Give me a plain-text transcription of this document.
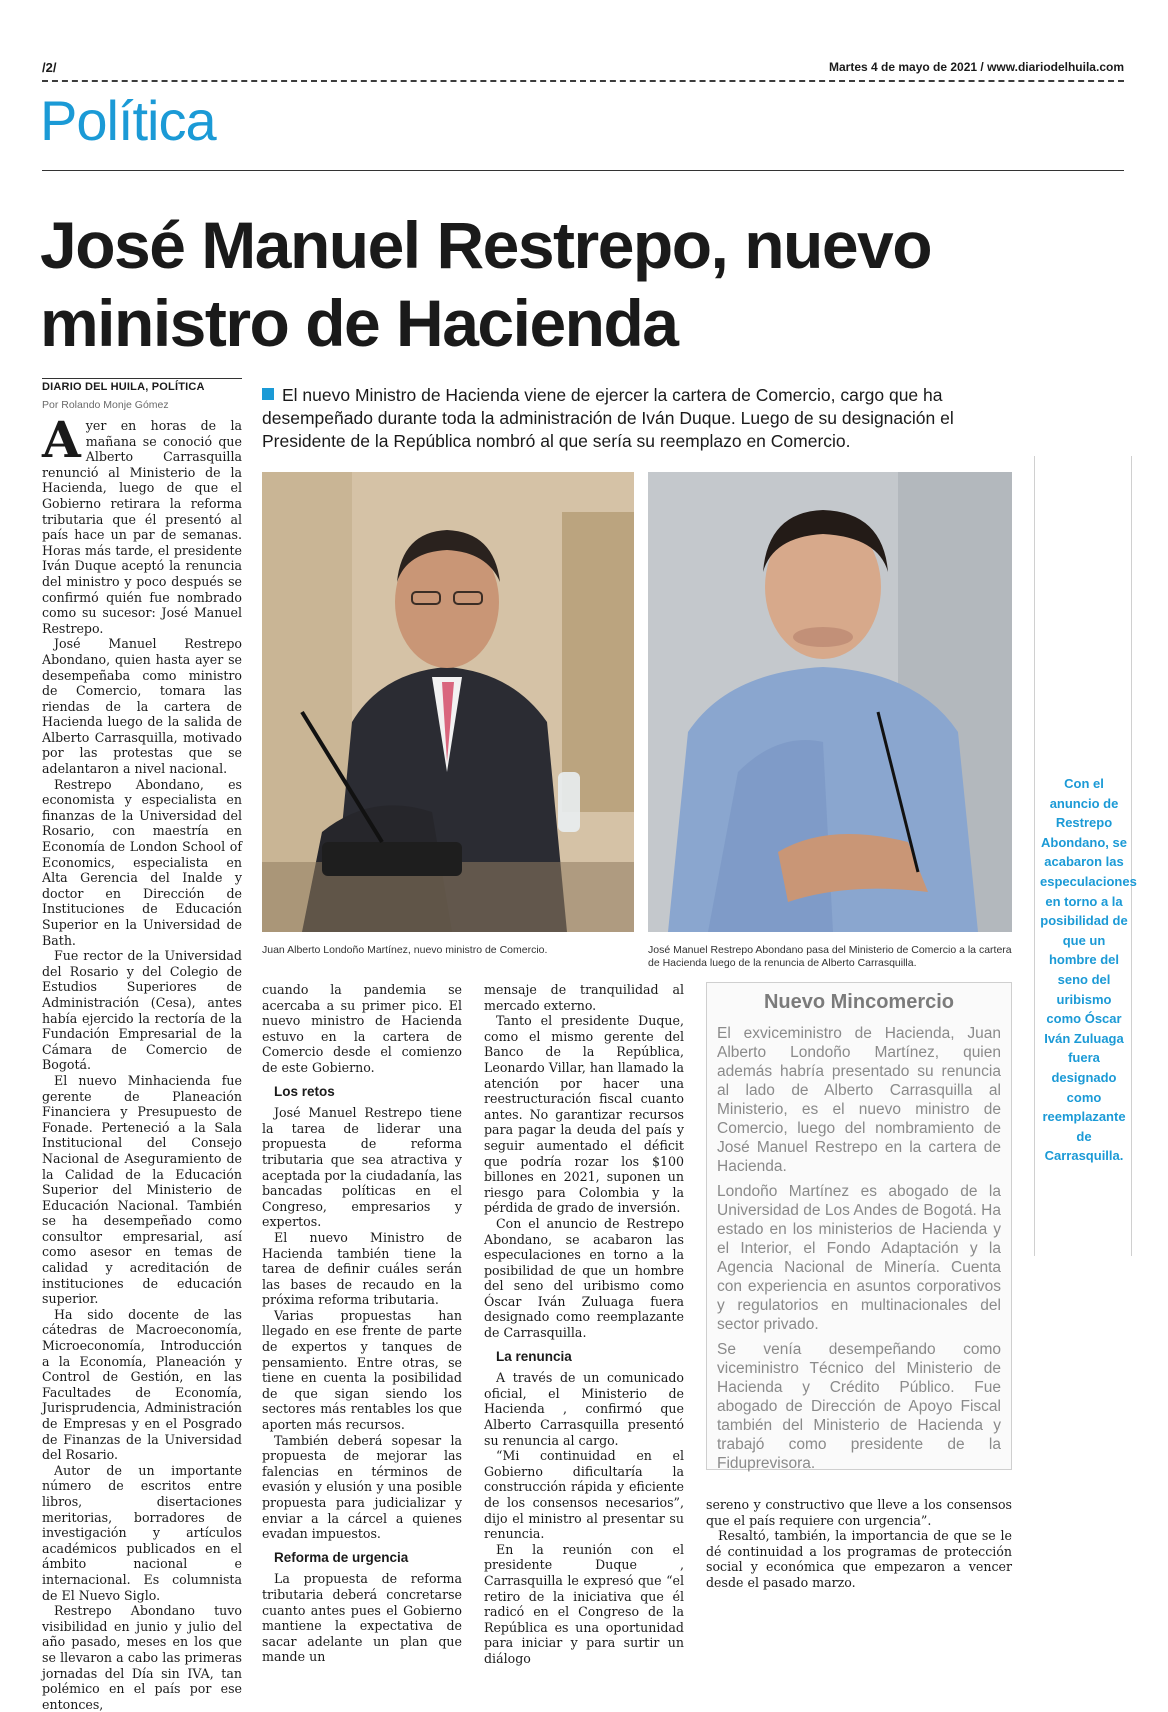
/2/	Martes 4 de mayo de 2021 / www.diariodelhuila.com
Política
José Manuel Restrepo, nuevo ministro de Hacienda
DIARIO DEL HUILA, POLÍTICA
Por Rolando Monje Gómez	El nuevo Ministro de Hacienda viene de ejercer la cartera de Comercio, cargo que ha desempeñado durante toda la administración de Iván Duque. Luego de su designación el Presidente de la República nombró al que sería su reemplazo en Comercio.

Ayer en horas de la mañana se conoció que Alberto Carrasquilla renunció al Ministerio de la Hacienda, luego de que el Gobierno retirara la reforma tributaria que él presentó al país hace un par de semanas. Horas más tarde, el presidente Iván Duque aceptó la renuncia del ministro y poco después se confirmó quién fue nombrado como su sucesor: José Manuel Restrepo.

José Manuel Restrepo Abondano, quien hasta ayer se desempeñaba como ministro de Comercio, tomara las riendas de la cartera de Hacienda luego de la salida de Alberto Carrasquilla, motivado por las protestas que se adelantaron a nivel nacional.

Restrepo Abondano, es economista y especialista en finanzas de la Universidad del Rosario, con maestría en Economía de London School of Economics, especialista en Alta Gerencia del Inalde y doctor en Dirección de Instituciones de Educación Superior en la Universidad de Bath.

Fue rector de la Universidad del Rosario y del Colegio de Estudios Superiores de Administración (Cesa), antes había ejercido la rectoría de la Fundación Empresarial de la Cámara de Comercio de Bogotá.

El nuevo Minhacienda fue gerente de Planeación Financiera y Presupuesto de Fonade. Perteneció a la Sala Institucional del Consejo Nacional de Aseguramiento de la Calidad de la Educación Superior del Ministerio de Educación Nacional. También se ha desempeñado como consultor empresarial, así como asesor en temas de calidad y acreditación de instituciones de educación superior.

Ha sido docente de las cátedras de Macroeconomía, Microeconomía, Introducción a la Economía, Planeación y Control de Gestión, en las Facultades de Economía, Jurisprudencia, Administración de Empresas y en el Posgrado de Finanzas de la Universidad del Rosario.

Autor de un importante número de escritos entre libros, disertaciones meritorias, borradores de investigación y artículos académicos publicados en el ámbito nacional e internacional. Es columnista de El Nuevo Siglo.

Restrepo Abondano tuvo visibilidad en junio y julio del año pasado, meses en los que se llevaron a cabo las primeras jornadas del Día sin IVA, tan polémico en el país por ese entonces,

Juan Alberto Londoño Martínez, nuevo ministro de Comercio.	José Manuel Restrepo Abondano pasa del Ministerio de Comercio a la cartera de Hacienda luego de la renuncia de Alberto Carrasquilla.

cuando la pandemia se acercaba a su primer pico. El nuevo ministro de Hacienda estuvo en la cartera de Comercio desde el comienzo de este Gobierno.

Los retos

José Manuel Restrepo tiene la tarea de liderar una propuesta de reforma tributaria que sea atractiva y aceptada por la ciudadanía, las bancadas políticas en el Congreso, empresarios y expertos.

El nuevo Ministro de Hacienda también tiene la tarea de definir cuáles serán las bases de recaudo en la próxima reforma tributaria.

Varias propuestas han llegado en ese frente de parte de expertos y tanques de pensamiento. Entre otras, se tiene en cuenta la posibilidad de que sigan siendo los sectores más rentables los que aporten más recursos.

También deberá sopesar la propuesta de mejorar las falencias en términos de evasión y elusión y una posible propuesta para judicializar y enviar a la cárcel a quienes evadan impuestos.

Reforma de urgencia

La propuesta de reforma tributaria deberá concretarse cuanto antes pues el Gobierno mantiene la expectativa de sacar adelante un plan que mande un

mensaje de tranquilidad al mercado externo.

Tanto el presidente Duque, como el mismo gerente del Banco de la República, Leonardo Villar, han llamado la atención por hacer una reestructuración fiscal cuanto antes. No garantizar recursos para pagar la deuda del país y seguir aumentado el déficit que podría rozar los $100 billones en 2021, suponen un riesgo para Colombia y la pérdida de grado de inversión.

Con el anuncio de Restrepo Abondano, se acabaron las especulaciones en torno a la posibilidad de que un hombre del seno del uribismo como Óscar Iván Zuluaga fuera designado como reemplazante de Carrasquilla.

La renuncia

A través de un comunicado oficial, el Ministerio de Hacienda , confirmó que Alberto Carrasquilla presentó su renuncia al cargo.

“Mi continuidad en el Gobierno dificultaría la construcción rápida y eficiente de los consensos necesarios”, dijo el ministro al presentar su renuncia.

En la reunión con el presidente Duque , Carrasquilla le expresó que “el retiro de la iniciativa que él radicó en el Congreso de la República es una oportunidad para iniciar y para surtir un diálogo

Nuevo Mincomercio

El exviceministro de Hacienda, Juan Alberto Londoño Martínez, quien además habría presentado su renuncia al lado de Alberto Carrasquilla al Ministerio, es el nuevo ministro de Comercio, luego del nombramiento de José Manuel Restrepo en la cartera de Hacienda.

Londoño Martínez es abogado de la Universidad de Los Andes de Bogotá. Ha estado en los ministerios de Hacienda y el Interior, el Fondo Adaptación y la Agencia Nacional de Minería. Cuenta con experiencia en asuntos corporativos y regulatorios en multinacionales del sector privado.

Se venía desempeñando como viceministro Técnico del Ministerio de Hacienda y Crédito Público. Fue abogado de Dirección de Apoyo Fiscal también del Ministerio de Hacienda y trabajó como presidente de la Fiduprevisora.

sereno y constructivo que lleve a los consensos que el país requiere con urgencia”.

Resaltó, también, la importancia de que se le dé continuidad a los programas de protección social y económica que empezaron a vencer desde el pasado marzo.

Con el anuncio de Restrepo Abondano, se acabaron las especulaciones en torno a la posibilidad de que un hombre del seno del uribismo como Óscar Iván Zuluaga fuera designado como reemplazante de Carrasquilla.
